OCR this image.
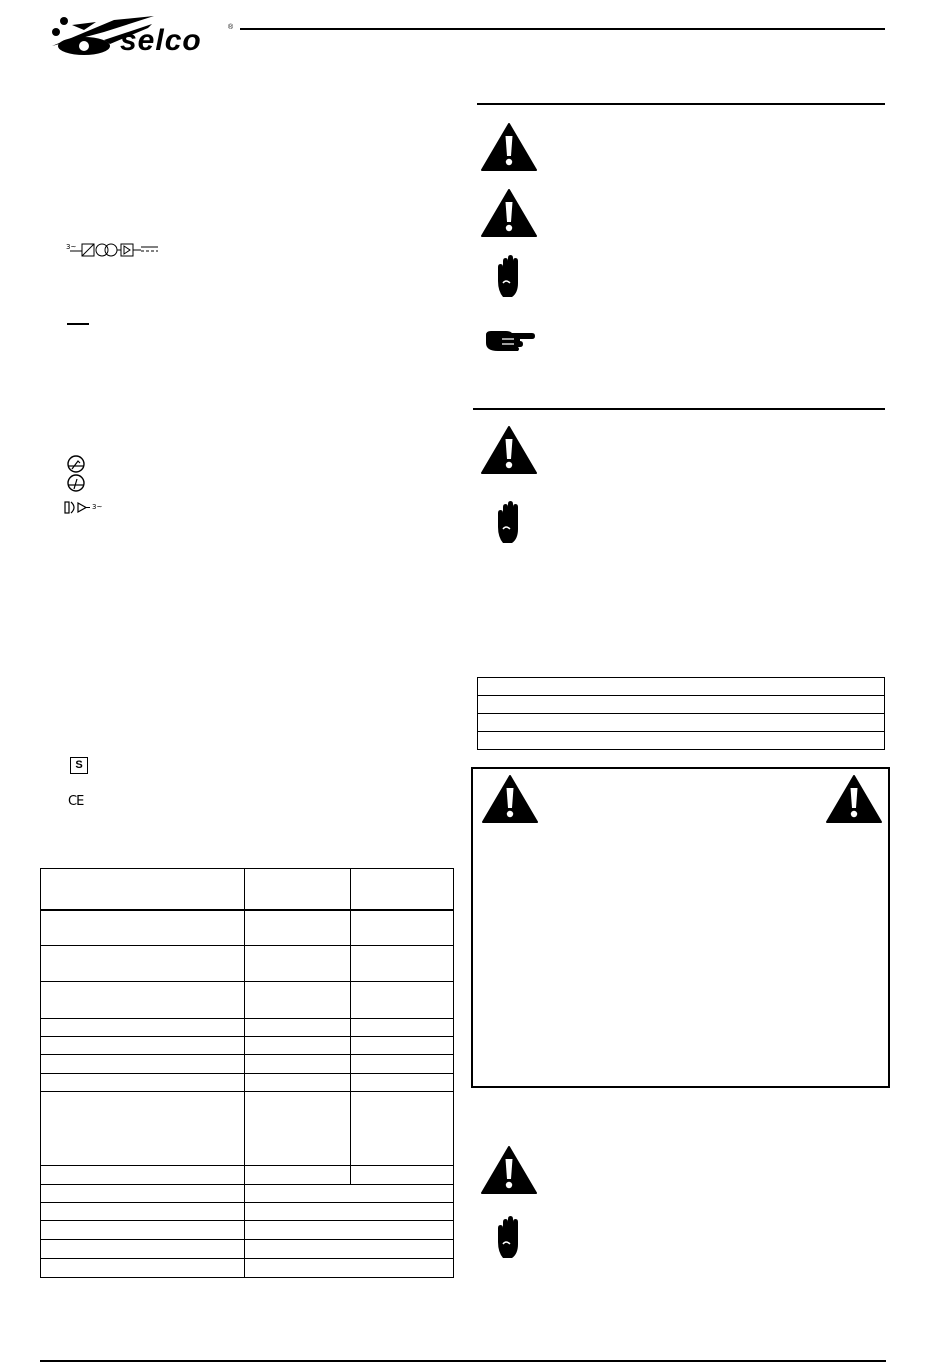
selco	®
3~
3~
S
CE
